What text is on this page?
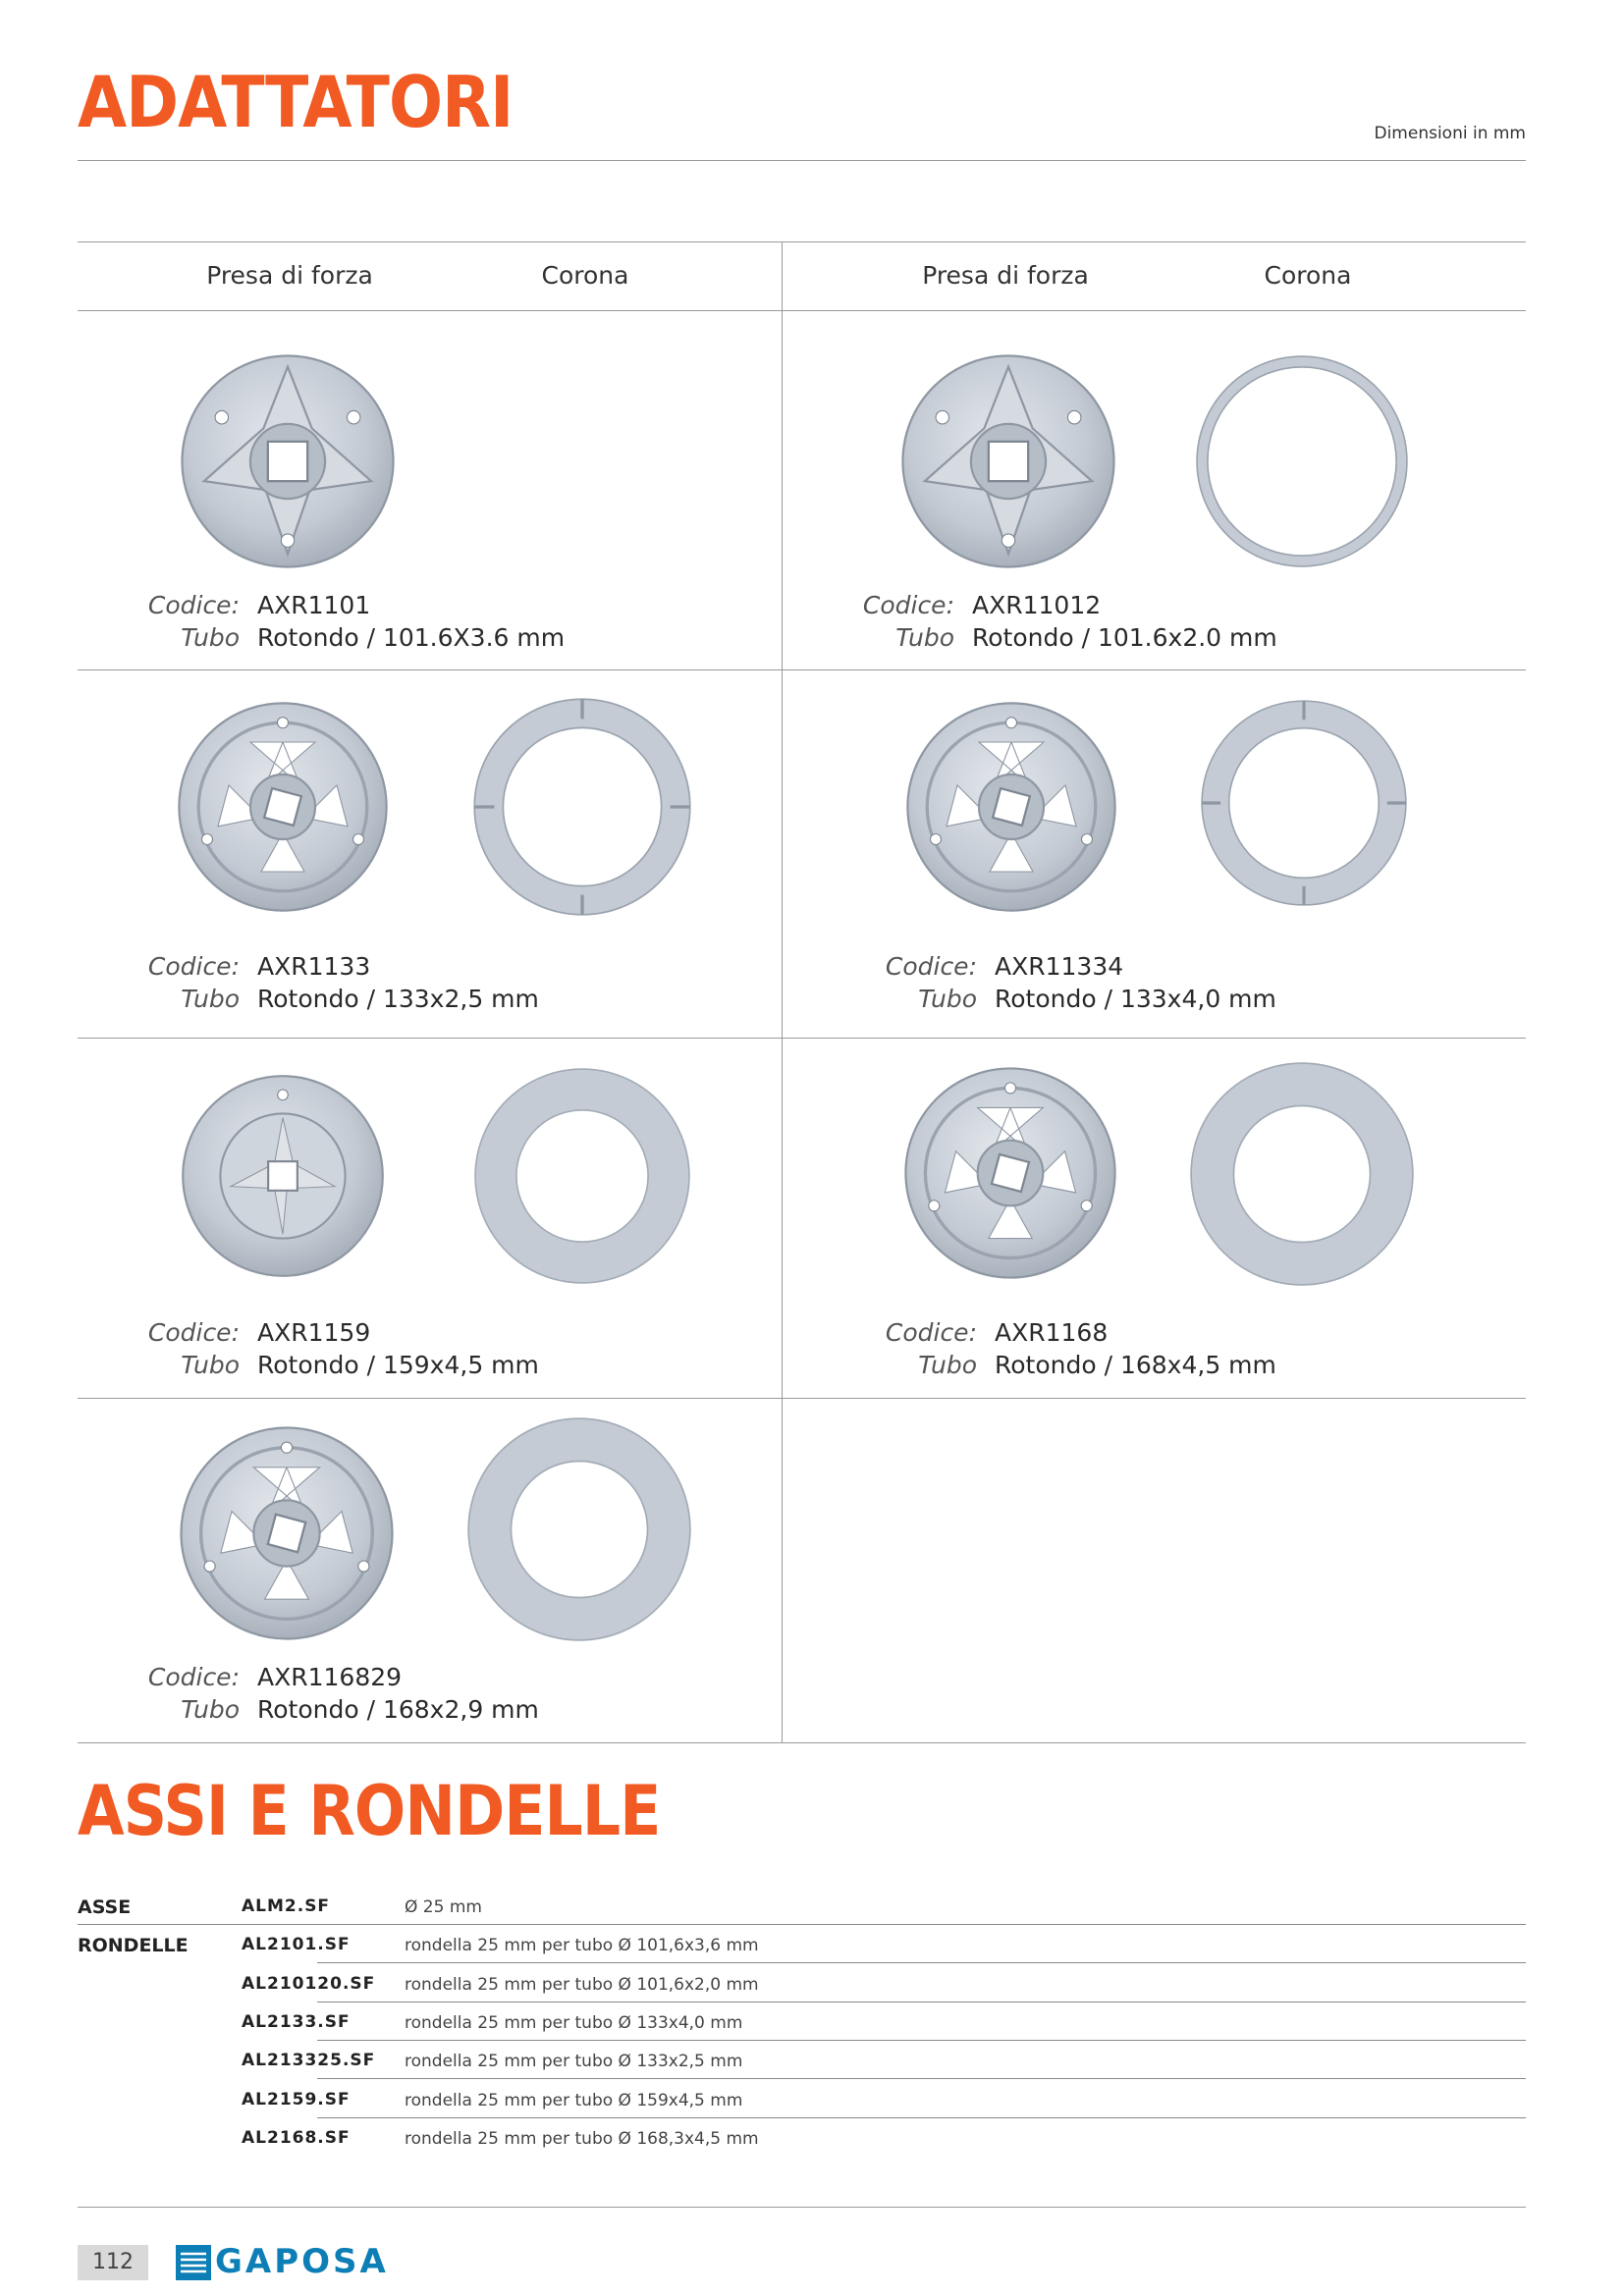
ADATTATORI	Dimensioni in mm
Presa di forza	Corona	Presa di forza	Corona
Codice: AXR1101
Tubo Rotondo / 101.6X3.6 mm
Codice: AXR11012
Tubo Rotondo / 101.6x2.0 mm
Codice: AXR1133
Tubo Rotondo / 133x2,5 mm
Codice: AXR11334
Tubo Rotondo / 133x4,0 mm
Codice: AXR1159
Tubo Rotondo / 159x4,5 mm
Codice: AXR1168
Tubo Rotondo / 168x4,5 mm
Codice: AXR116829
Tubo Rotondo / 168x2,9 mm
ASSI E RONDELLE
ASSE	ALM2.SF	Ø 25 mm
RONDELLE	AL2101.SF	rondella 25 mm per tubo Ø 101,6x3,6 mm
AL210120.SF rondella 25 mm per tubo Ø 101,6x2,0 mm
AL2133.SF	rondella 25 mm per tubo Ø 133x4,0 mm
AL213325.SF rondella 25 mm per tubo Ø 133x2,5 mm
AL2159.SF	rondella 25 mm per tubo Ø 159x4,5 mm
AL2168.SF	rondella 25 mm per tubo Ø 168,3x4,5 mm
112	GAPOSA
